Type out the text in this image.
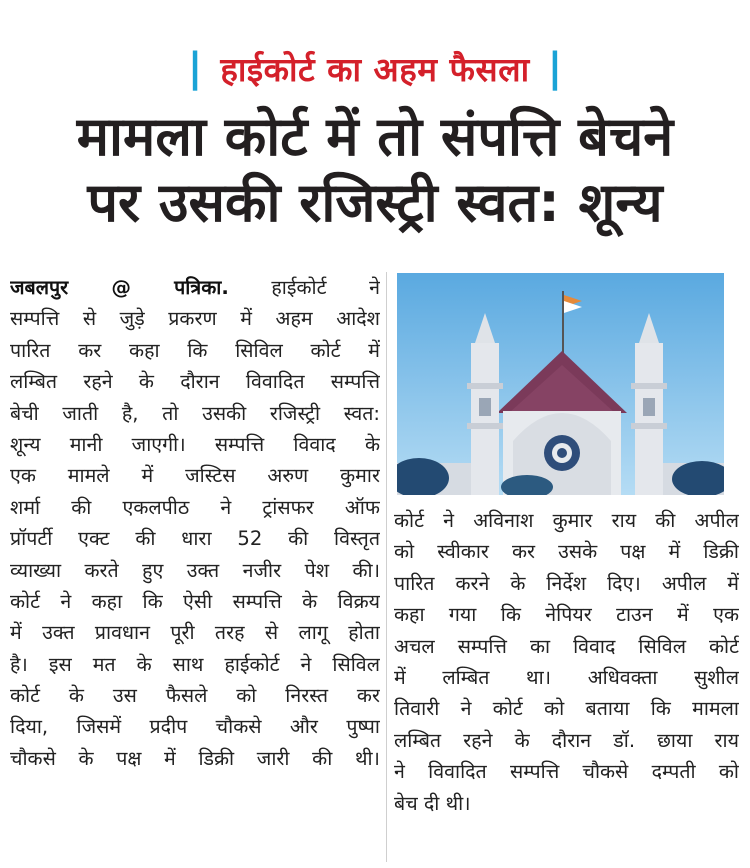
| हाईकोर्ट का अहम फैसला |
मामला कोर्ट में तो संपत्ति बेचने
पर उसकी रजिस्ट्री स्वत: शून्य
जबलपुर @ पत्रिका. हाईकोर्ट ने
सम्पत्ति से जुड़े प्रकरण में अहम आदेश
पारित कर कहा कि सिविल कोर्ट में
लम्बित रहने के दौरान विवादित सम्पत्ति
बेची जाती है, तो उसकी रजिस्ट्री स्वत:
शून्य मानी जाएगी। सम्पत्ति विवाद के
एक मामले में जस्टिस अरुण कुमार
शर्मा की एकलपीठ ने ट्रांसफर ऑफ
प्रॉपर्टी एक्ट की धारा 52 की विस्तृत
व्याख्या करते हुए उक्त नजीर पेश की।
कोर्ट ने कहा कि ऐसी सम्पत्ति के विक्रय
में उक्त प्रावधान पूरी तरह से लागू होता
है। इस मत के साथ हाईकोर्ट ने सिविल
कोर्ट के उस फैसले को निरस्त कर
दिया, जिसमें प्रदीप चौकसे और पुष्पा
चौकसे के पक्ष में डिक्री जारी की थी।
कोर्ट ने अविनाश कुमार राय की अपील
को स्वीकार कर उसके पक्ष में डिक्री
पारित करने के निर्देश दिए। अपील में
कहा गया कि नेपियर टाउन में एक
अचल सम्पत्ति का विवाद सिविल कोर्ट
में लम्बित था। अधिवक्ता सुशील
तिवारी ने कोर्ट को बताया कि मामला
लम्बित रहने के दौरान डॉ. छाया राय
ने विवादित सम्पत्ति चौकसे दम्पती को
बेच दी थी।
